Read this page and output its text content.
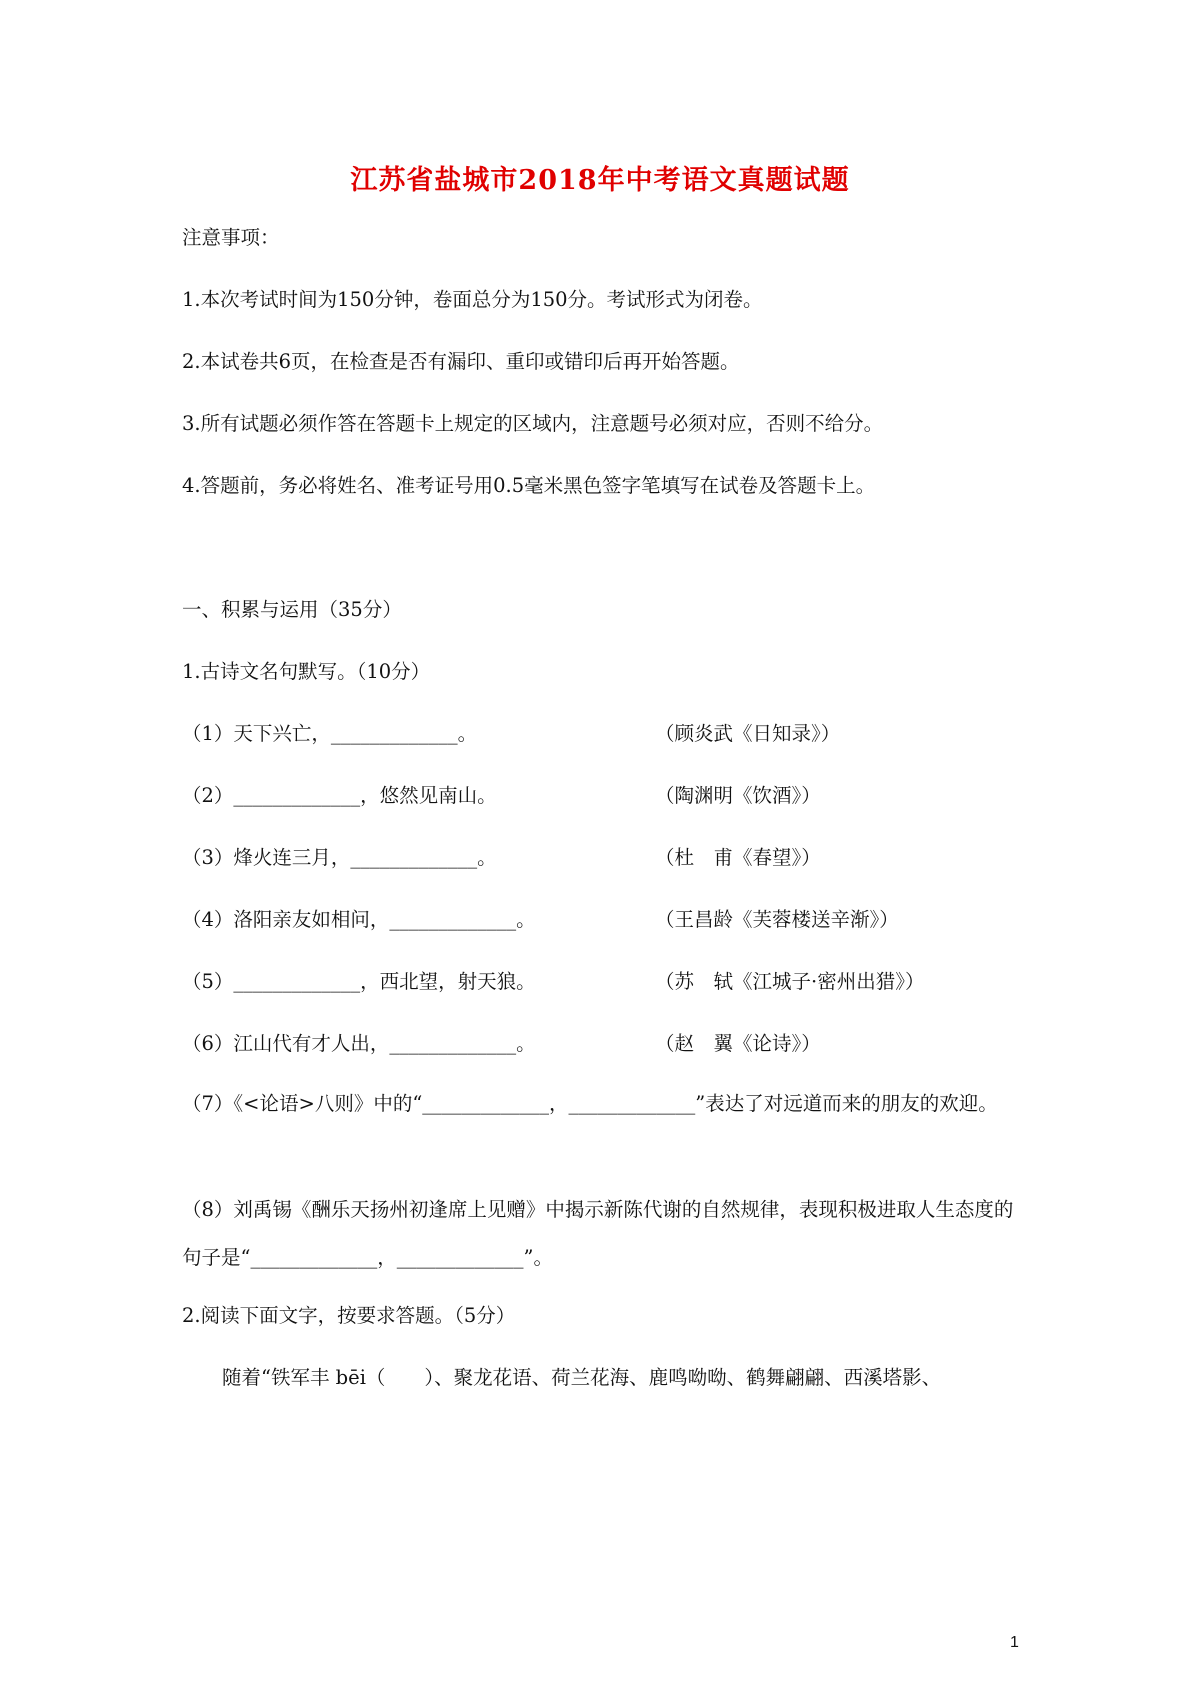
江苏省盐城市2018年中考语文真题试题
注意事项：
1.本次考试时间为150分钟，卷面总分为150分。考试形式为闭卷。
2.本试卷共6页，在检查是否有漏印、重印或错印后再开始答题。
3.所有试题必须作答在答题卡上规定的区域内，注意题号必须对应，否则不给分。
4.答题前，务必将姓名、准考证号用0.5毫米黑色签字笔填写在试卷及答题卡上。
一、积累与运用（35分）
1.古诗文名句默写。（10分）
（1）天下兴亡，_____________。	（顾炎武《日知录》）
（2）_____________，悠然见南山。	（陶渊明《饮酒》）
（3）烽火连三月，_____________。	（杜　甫《春望》）
（4）洛阳亲友如相问，_____________。	（王昌龄《芙蓉楼送辛渐》）
（5）_____________，西北望，射天狼。	（苏　轼《江城子·密州出猎》）
（6）江山代有才人出，_____________。	（赵　翼《论诗》）
（7）《<论语>八则》中的“_____________，_____________”表达了对远道而来的朋友的欢迎。
（8）刘禹锡《酬乐天扬州初逢席上见赠》中揭示新陈代谢的自然规律，表现积极进取人生态度的句子是“_____________，_____________”。
2.阅读下面文字，按要求答题。（5分）
随着“铁军丰 bēi（　　）、聚龙花语、荷兰花海、鹿鸣呦呦、鹤舞翩翩、西溪塔影、
1
